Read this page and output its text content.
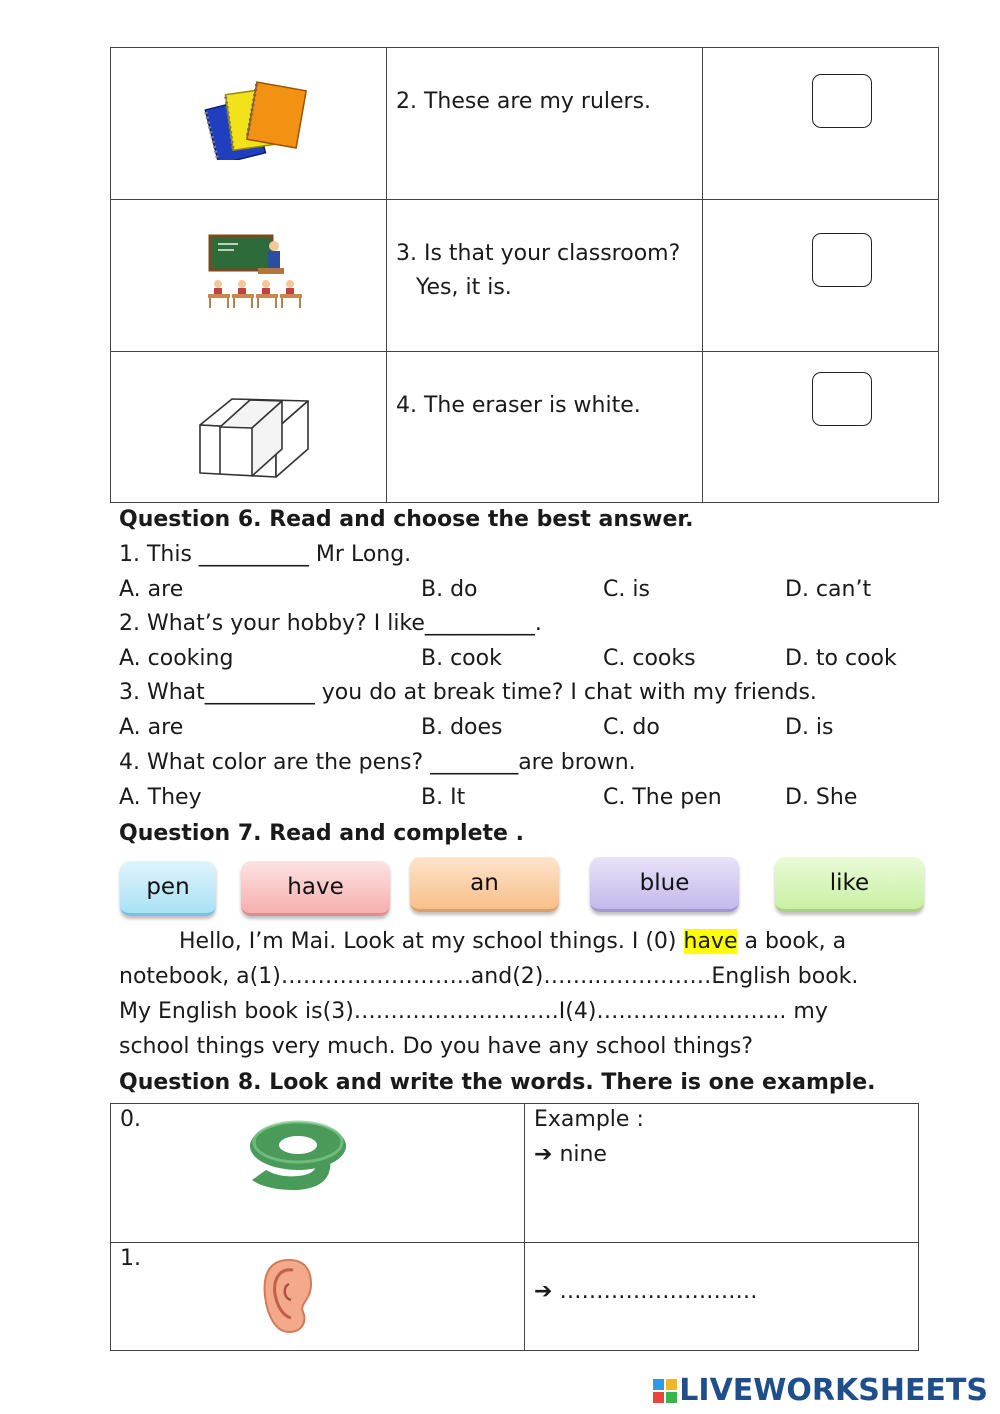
2. These are my rulers.	

3. Is that your classroom?
Yes, it is.	

4. The eraser is white.	

Question 6. Read and choose the best answer.
1. This __________ Mr Long.
A. are	B. do	C. is	D. can’t
2. What’s your hobby? I like__________.
A. cooking	B. cook	C. cooks	D. to cook
3. What__________ you do at break time? I chat with my friends.
A. are	B. does	C. do	D. is
4. What color are the pens? ________are brown.
A. They	B. It	C. The pen	D. She
Question 7. Read and complete .
pen	have	an	blue	like
Hello, I’m Mai. Look at my school things. I (0) have a book, a
notebook, a(1)……………………..and(2)……..……………English book.
My English book is(3)……………………….I(4)…………………….. my
school things very much. Do you have any school things?
Question 8. Look and write the words. There is one example.
0.	Example :
➔ nine

1.	➔ ………………………
LIVEWORKSHEETS
